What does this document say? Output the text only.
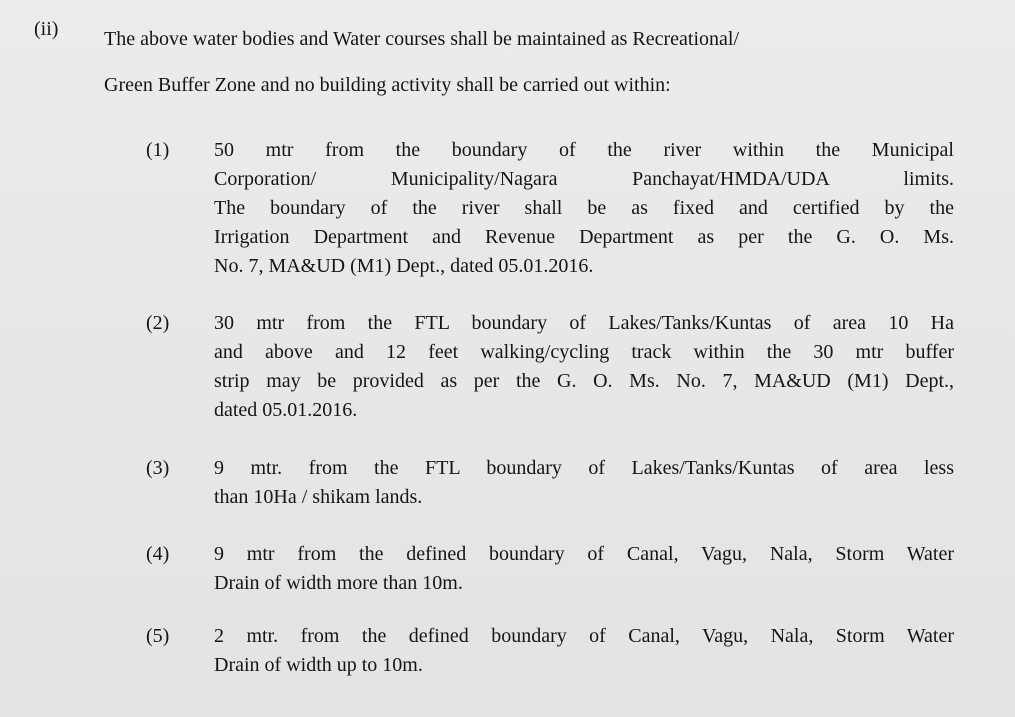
(ii) The above water bodies and Water courses shall be maintained as Recreational/
Green Buffer Zone and no building activity shall be carried out within:

(1) 50 mtr from the boundary of the river within the Municipal
Corporation/ Municipality/Nagara Panchayat/HMDA/UDA limits.
The boundary of the river shall be as fixed and certified by the
Irrigation Department and Revenue Department as per the G. O. Ms.
No. 7, MA&UD (M1) Dept., dated 05.01.2016.
(2) 30 mtr from the FTL boundary of Lakes/Tanks/Kuntas of area 10 Ha
and above and 12 feet walking/cycling track within the 30 mtr buffer
strip may be provided as per the G. O. Ms. No. 7, MA&UD (M1) Dept.,
dated 05.01.2016.
(3) 9 mtr. from the FTL boundary of Lakes/Tanks/Kuntas of area less
than 10Ha / shikam lands.
(4) 9 mtr from the defined boundary of Canal, Vagu, Nala, Storm Water
Drain of width more than 10m.
(5) 2 mtr. from the defined boundary of Canal, Vagu, Nala, Storm Water
Drain of width up to 10m.
